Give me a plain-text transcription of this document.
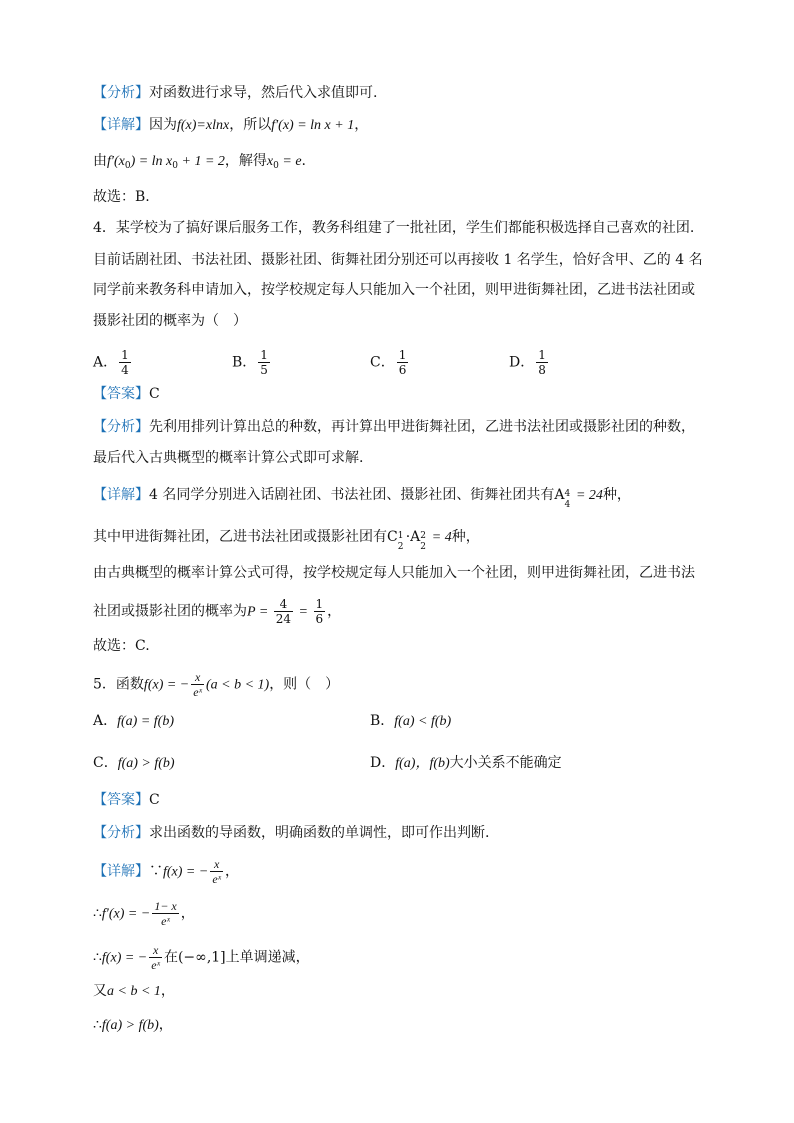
【分析】对函数进行求导，然后代入求值即可.
【详解】因为f(x)=xlnx，所以f′(x) = ln x + 1，
由$f'(x_0) = \ln x_0 + 1 = 2$，解得$x_0 = e$.
故选：B.
4．某学校为了搞好课后服务工作，教务科组建了一批社团，学生们都能积极选择自己喜欢的社团.
目前话剧社团、书法社团、摄影社团、街舞社团分别还可以再接收 1 名学生，恰好含甲、乙的 4 名
同学前来教务科申请加入，按学校规定每人只能加入一个社团，则甲进街舞社团，乙进书法社团或
摄影社团的概率为（　）
A． $\frac{1}{4}$	B． $\frac{1}{5}$	C． $\frac{1}{6}$	D． $\frac{1}{8}$
【答案】C
【分析】先利用排列计算出总的种数，再计算出甲进街舞社团，乙进书法社团或摄影社团的种数，
最后代入古典概型的概率计算公式即可求解.
【详解】4 名同学分别进入话剧社团、书法社团、摄影社团、街舞社团共有A 4
4
= 24种，
其中甲进街舞社团，乙进书法社团或摄影社团有C 1
2
·A 2
2
= 4种，
由古典概型的概率计算公式可得，按学校规定每人只能加入一个社团，则甲进街舞社团，乙进书法
社团或摄影社团的概率为$P = \frac{4}{24} = \frac{1}{6}$ ，
故选：C.
5．函数f(x) = − $\frac{x}{\text{eˣ}} (a < b < 1)$，则（　）
A．f(a) = f(b)	B．f(a) < f(b)
C．f(a) > f(b)	D．f(a)，f(b)大小关系不能确定
【答案】C
【分析】求出函数的导函数，明确函数的单调性，即可作出判断.
【详解】∵f(x) = − $\frac{x}{\text{eˣ}}$ ，
∴f′(x) = − $\frac{1- x}{\text{eˣ}}$ ，
∴f(x) = − $\frac{x}{\text{eˣ}}$ 在(−∞,1]上单调递减，
又a < b < 1，
∴f(a) > f(b)，
